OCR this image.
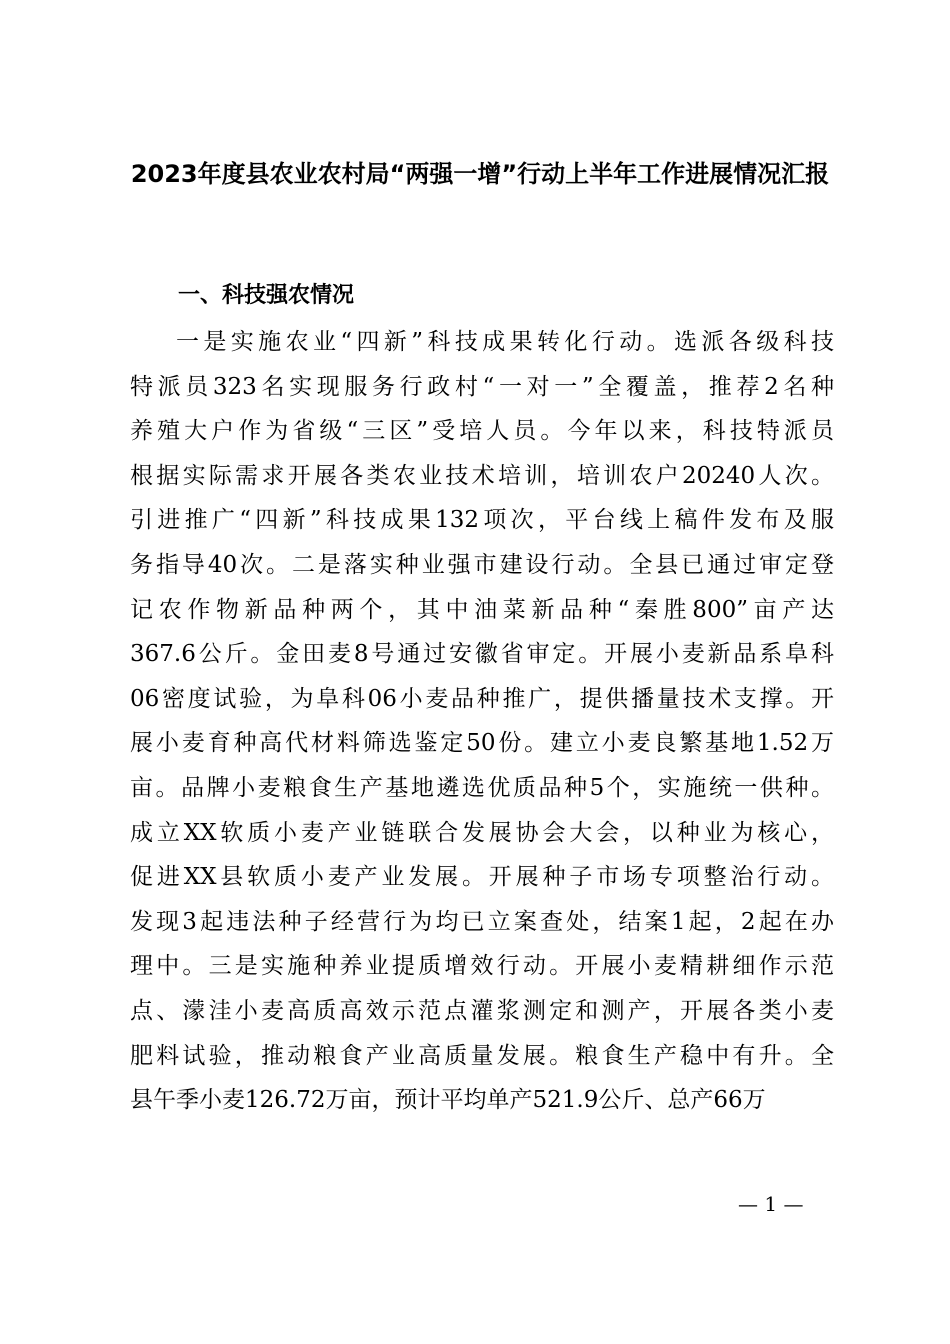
2023年度县农业农村局“两强一增”行动上半年工作进展情况汇报
一、科技强农情况
一是实施农业“四新”科技成果转化行动。选派各级科技
特派员323名实现服务行政村“一对一”全覆盖，推荐2名种
养殖大户作为省级“三区”受培人员。今年以来，科技特派员
根据实际需求开展各类农业技术培训，培训农户20240人次。
引进推广“四新”科技成果132项次，平台线上稿件发布及服
务指导40次。二是落实种业强市建设行动。全县已通过审定登
记农作物新品种两个，其中油菜新品种“秦胜800”亩产达
367.6公斤。金田麦8号通过安徽省审定。开展小麦新品系阜科
06密度试验，为阜科06小麦品种推广，提供播量技术支撑。开
展小麦育种高代材料筛选鉴定50份。建立小麦良繁基地1.52万
亩。品牌小麦粮食生产基地遴选优质品种5个，实施统一供种。
成立XX软质小麦产业链联合发展协会大会，以种业为核心，
促进XX县软质小麦产业发展。开展种子市场专项整治行动。
发现3起违法种子经营行为均已立案查处，结案1起，2起在办
理中。三是实施种养业提质增效行动。开展小麦精耕细作示范
点、濛洼小麦高质高效示范点灌浆测定和测产，开展各类小麦
肥料试验，推动粮食产业高质量发展。粮食生产稳中有升。全
县午季小麦126.72万亩，预计平均单产521.9公斤、总产66万
— 1 —
